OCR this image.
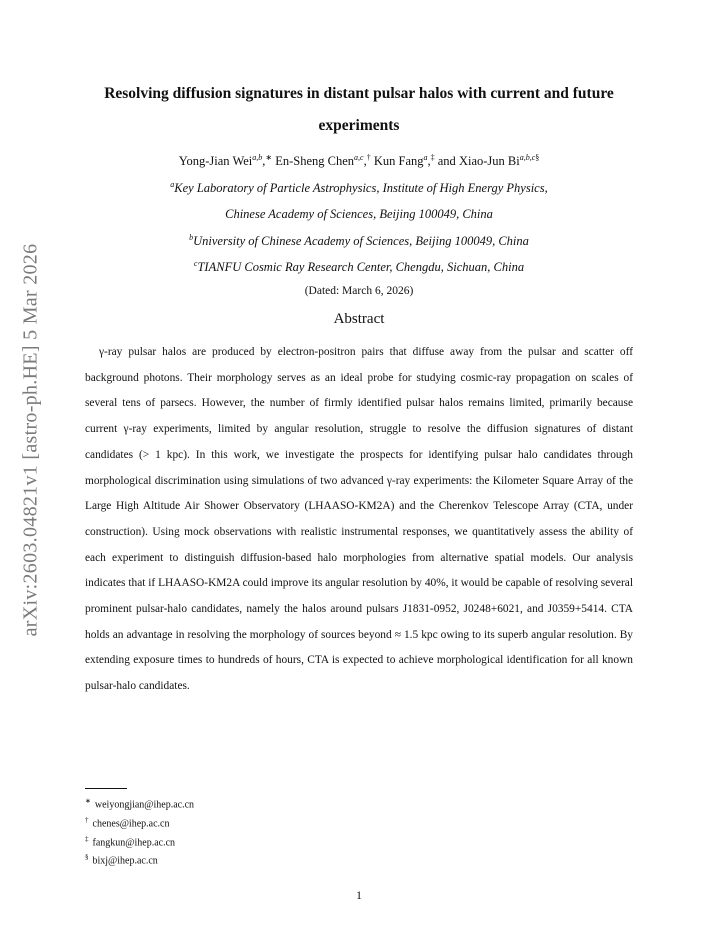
arXiv:2603.04821v1 [astro-ph.HE] 5 Mar 2026
Resolving diffusion signatures in distant pulsar halos with current and future experiments
Yong-Jian Wei$^{a,b}$,∗ En-Sheng Chen$^{a,c}$,† Kun Fang$^a$,‡ and Xiao-Jun $Bi^{a,b,c\S}$
$^a$Key Laboratory of Particle Astrophysics, Institute of High Energy Physics,
Chinese Academy of Sciences, Beijing 100049, China
$^b$University of Chinese Academy of Sciences, Beijing 100049, China
$^c$TIANFU Cosmic Ray Research Center, Chengdu, Sichuan, China
(Dated: March 6, 2026)
Abstract
γ-ray pulsar halos are produced by electron-positron pairs that diffuse away from the pulsar and scatter off background photons. Their morphology serves as an ideal probe for studying cosmic-ray propagation on scales of several tens of parsecs. However, the number of firmly identified pulsar halos remains limited, primarily because current γ-ray experiments, limited by angular resolution, struggle to resolve the diffusion signatures of distant candidates (> 1 kpc). In this work, we investigate the prospects for identifying pulsar halo candidates through morphological discrimination using simulations of two advanced γ-ray experiments: the Kilometer Square Array of the Large High Altitude Air Shower Observatory (LHAASO-KM2A) and the Cherenkov Telescope Array (CTA, under construction). Using mock observations with realistic instrumental responses, we quantitatively assess the ability of each experiment to distinguish diffusion-based halo morphologies from alternative spatial models. Our analysis indicates that if LHAASO-KM2A could improve its angular resolution by 40%, it would be capable of resolving several prominent pulsar-halo candidates, namely the halos around pulsars J1831-0952, J0248+6021, and J0359+5414. CTA holds an advantage in resolving the morphology of sources beyond ≈ 1.5 kpc owing to its superb angular resolution. By extending exposure times to hundreds of hours, CTA is expected to achieve morphological identification for all known pulsar-halo candidates.
∗ weiyongjian@ihep.ac.cn
† chenes@ihep.ac.cn
‡ fangkun@ihep.ac.cn
§ bixj@ihep.ac.cn
1
